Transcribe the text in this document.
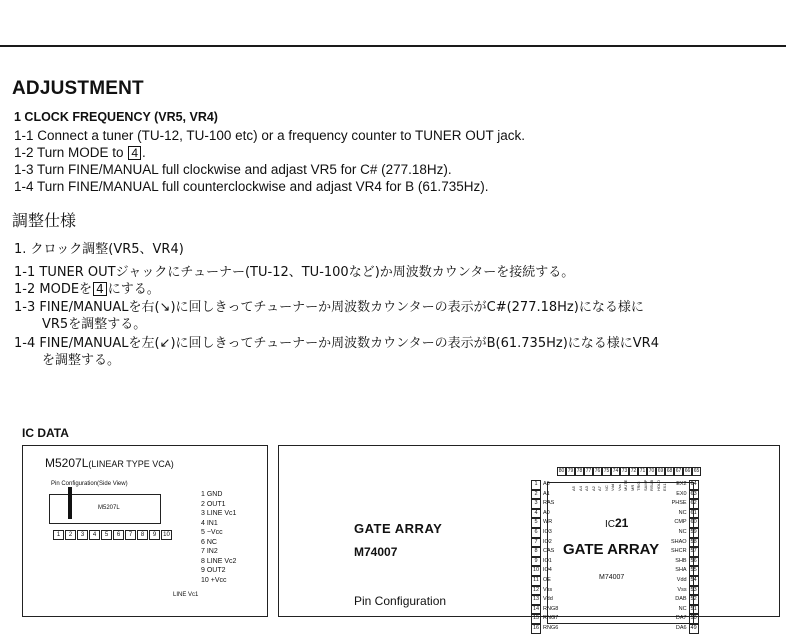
ADJUSTMENT
1 CLOCK FREQUENCY (VR5, VR4)
1-1 Connect a tuner (TU-12, TU-100 etc) or a frequency counter to TUNER OUT jack.
1-2 Turn MODE to 4 .
1-3 Turn FINE/MANUAL full clockwise and adjast VR5 for C# (277.18Hz).
1-4 Turn FINE/MANUAL full counterclockwise and adjast VR4 for B (61.735Hz).
調整仕様
1. クロック調整(VR5、VR4)
1-1 TUNER OUTジャックにチューナー(TU-12、TU-100など)か周波数カウンターを接続する。
1-2 MODEを 4 にする。
1-3 FINE/MANUALを右(↘)に回しきってチューナーか周波数カウンターの表示がC#(277.18Hz)になる様に
VR5を調整する。
1-4 FINE/MANUALを左(↙)に回しきってチューナーか周波数カウンターの表示がB(61.735Hz)になる様にVR4
を調整する。
IC DATA
M5207L(LINEAR TYPE VCA)
Pin Configuration(Side View)
M5207L
1	2	3	4	5	6	7	8	9	10
1 GND
2 OUT1
3 LINE Vc1
4 IN1
5 −Vcc
6 NC
7 IN2
8 LINE Vc2
9 OUT2
10 +Vcc
LINE Vc1
GATE ARRAY
M74007
Pin Configuration
80 79 78 77 76 75 74 73 72 71 70 69 68 67 66 65
A5 A4 A3 A2 A7 NC Vdd Vss MUTE MR TRIG SAMP RSUB HOLD EX1
1 A6
2 A1
3 RAS
4 A0
5 WR
6 IO3
7 IO2
8 CAS
9 IO1
10 IO4
11 OE
12 Vss
13 Vdd
14 RNG8
15 RNG7
16 RNG6
EX2 64
EX0 63
PHSE 62
NC 61
CMP 60
NC 59
SHAO 58
SHCR 57
SHB 56
SHA 55
Vdd 54
Vss 53
DAB 52
NC 51
DA7 50
DA6 49
IC21
GATE ARRAY
M74007
